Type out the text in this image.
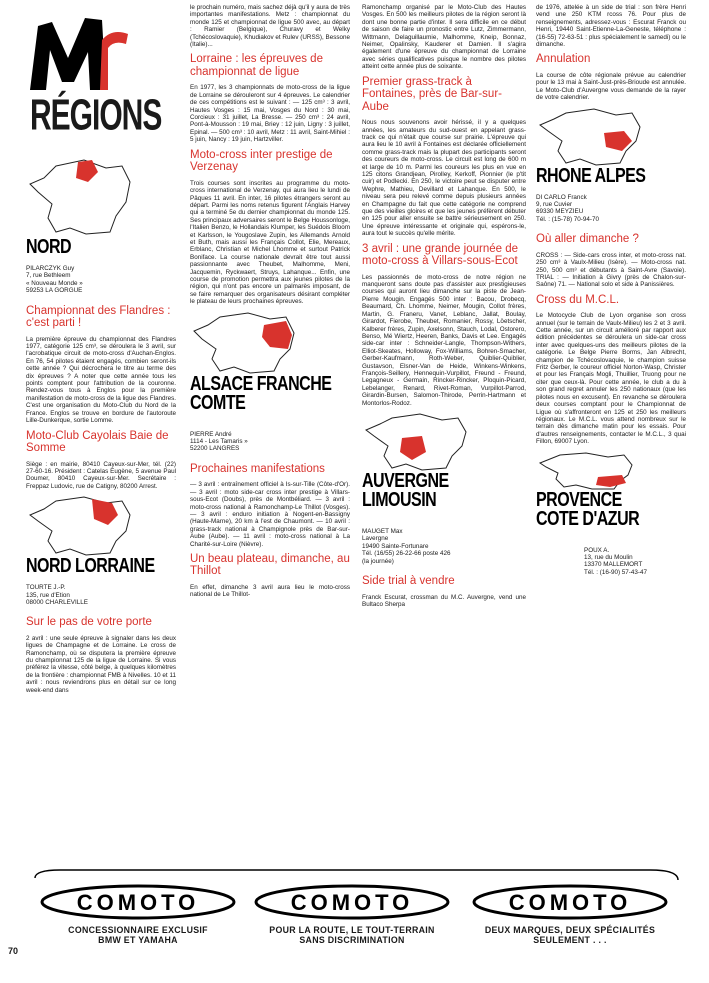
RÉGIONS
NORD
PILARCZYK Guy
7, rue Bethleem
« Nouveau Monde »
59253 LA GORGUE
Championnat des Flandres : c'est parti !

La première épreuve du championnat des Flandres 1977, catégorie 125 cm³, se déroulera le 3 avril, sur l'acrobatique circuit de moto-cross d'Auchan-Englos. En 76, 54 pilotes étaient engagés, combien seront-ils cette année ? Qui décrochera le titre au terme des dix épreuves ? A noter que cette année tous les points comptent pour l'attribution de la couronne. Rendez-vous tous à Englos pour la première manifestation de moto-cross de la ligue des Flandres. C'est une organisation du Moto-Club du Nord de la France. Englos se trouve en bordure de l'autoroute Lille-Dunkerque, sortie Lomme.

Moto-Club Cayolais Baie de Somme

Siège : en mairie, 80410 Cayeux-sur-Mer, tél. (22) 27-60-16. Président : Catelas Eugène, 5 avenue Paul Doumer, 80410 Cayeux-sur-Mer. Secrétaire : Freppaz Ludovic, rue de Catigny, 80200 Arrest.

NORD LORRAINE
TOURTE J.-P.
135, rue d'Etion
08000 CHARLEVILLE
Sur le pas de votre porte

2 avril : une seule épreuve à signaler dans les deux ligues de Champagne et de Lorraine. Le cross de Ramonchamp, où se disputera la première épreuve du championnat 125 de la ligue de Lorraine. Si vous préférez la vitesse, côté belge, à quelques kilomètres de la frontière : championnat FMB à Nivelles. 10 et 11 avril : nous reviendrons plus en détail sur ce long week-end dans

le prochain numéro, mais sachez déjà qu'il y aura de très importantes manifestations. Metz : championnat du monde 125 et championnat de ligue 500 avec, au départ : Ramier (Belgique), Churavy et Welky (Tchécoslovaquie), Khudiakov et Rulev (URSS), Bessone (Italie)...

Lorraine : les épreuves de championnat de ligue

En 1977, les 3 championnats de moto-cross de la ligue de Lorraine se dérouleront sur 4 épreuves. Le calendrier de ces compétitions est le suivant : — 125 cm³ : 3 avril, Hautes Vosges : 15 mai, Vosges du Nord : 30 mai, Corcieux : 31 juillet, La Bresse. — 250 cm³ : 24 avril, Pont-à-Mousson : 19 mai, Briey : 12 juin, Ligny : 3 juillet, Epinal. — 500 cm³ : 10 avril, Metz : 11 avril, Saint-Mihiel : 5 juin, Nancy : 19 juin, Hartzviller.

Moto-cross inter prestige de Verzenay

Trois courses sont inscrites au programme du moto-cross international de Verzenay, qui aura lieu le lundi de Pâques 11 avril. En inter, 16 pilotes étrangers seront au départ. Parmi les noms retenus figurent l'Anglais Harvey qui a terminé 5e du dernier championnat du monde 125. Ses principaux adversaires seront le Belge Houssonloge, l'Italien Benzo, le Hollandais Klumper, les Suédois Bloom et Karlsson, le Yougoslave Zupin, les Allemands Arnold et Buth, mais aussi les Français Collot, Elie, Mereaux, Erblanc, Christian et Michel Lhomme et surtout Patrick Boniface. La course nationale devrait être tout aussi passionnante avec Theubet, Malhomme, Meni, Jacquemin, Ryckwaert, Struys, Lahanque... Enfin, une course de promotion permettra aux jeunes pilotes de la région, qui n'ont pas encore un palmarès imposant, de se faire remarquer des organisateurs désirant compléter le plateau de leurs prochaines épreuves.

ALSACE FRANCHE COMTE
PIERRE André
1114 - Les Tamaris »
52200 LANGRES
Prochaines manifestations

— 3 avril : entraînement officiel à Is-sur-Tille (Côte-d'Or). — 3 avril : moto side-car cross inter prestige à Villars-sous-Ecot (Doubs), près de Montbéliard. — 3 avril : moto-cross national à Ramonchamp-Le Thillot (Vosges). — 3 avril : enduro initiation à Nogent-en-Bassigny (Haute-Marne), 20 km à l'est de Chaumont. — 10 avril : grass-track national à Champignole près de Bar-sur-Aube (Aube). — 11 avril : moto-cross national à La Charité-sur-Loire (Nièvre).

Un beau plateau, dimanche, au Thillot

En effet, dimanche 3 avril aura lieu le moto-cross national de Le Thillot-

Ramonchamp organisé par le Moto-Club des Hautes Vosges. En 500 les meilleurs pilotes de la région seront là dont une bonne partie d'inter. Il sera difficile en ce début de saison de faire un pronostic entre Lutz, Zimmermann, Wittmann, Delaguillaumie, Malhomme, Kneip, Bonnaz, Neimer, Opalinsky, Kauderer et Damien. Il s'agira également d'une épreuve du championnat de Lorraine avec séries qualificatives puisque le nombre des pilotes atteint cette année plus de soixante.

Premier grass-track à Fontaines, près de Bar-sur-Aube

Nous nous souvenons avoir hérissé, il y a quelques années, les amateurs du sud-ouest en appelant grass-track ce qui n'était que course sur prairie. L'épreuve qui aura lieu le 10 avril à Fontaines est déclarée officiellement comme grass-track mais la plupart des participants seront des coureurs de moto-cross. Le circuit est long de 600 m et large de 10 m. Parmi les coureurs les plus en vue en 125 citons Grandjean, Pirolley, Kerkoff, Pionnier (le p'tit cuir) et Podlecki. En 250, le victoire peut se disputer entre Wephre, Mathieu, Devillard et Lahanque. En 500, le niveau sera peu relevé comme depuis plusieurs années en Champagne du fait que cette catégorie ne comprend que des vieilles gloires et que les jeunes préfèrent débuter en 125 pour aller ensuite se battre sérieusement en 250. Une épreuve intéressante et originale qui, espérons-le, aura tout le succès qu'elle mérite.

3 avril : une grande journée de moto-cross à Villars-sous-Ecot

Les passionnés de moto-cross de notre région ne manqueront sans doute pas d'assister aux prestigieuses courses qui auront lieu dimanche sur la piste de Jean-Pierre Mougin. Engagés 500 inter : Bacou, Drobecq, Beaumard, Ch. Lhomme, Neimer, Mougin, Collot frères, Martin, G. Franeru, Vanet, Leblanc, Jallat, Boulay, Girardot, Fierobe, Theubet, Romanier, Rossy, Löetscher, Kalberer frères, Zupin, Axelsonn, Stauch, Lodal, Ostorero, Benso, Mé Wiertz, Heeren, Banks, Davis et Lee. Engagés side-car inter : Schneider-Langle, Thompson-Withers, Elliot-Skeates, Holloway, Fox-Williams, Bohren-Smacher, Gerber-Kaufmann, Roth-Weber, Quiblier-Quiblier, Gustavson, Elsner-Van de Heide, Winkens-Winkens, François-Seillery, Hennequin-Vurpillot, Freund - Freund, Legagneux - Germain, Rincker-Rincker, Ploquin-Picard, Lebelanger, Renard, Rivet-Roman, Vurpillot-Parrod, Girardin-Bursen, Salomon-Thirode, Perrin-Hartmann et Montorlos-Rodoz.

AUVERGNE LIMOUSIN
MAUGET Max
Lavergne
19490 Sainte-Fortunare
Tél. (16/55) 26-22-66 poste 426
(la journée)
Side trial à vendre

Franck Escurat, crossman du M.C. Auvergne, vend une Bultaco Sherpa

de 1976, attelée à un side de trial : son frère Henri vend une 250 KTM rcoss 76. Pour plus de renseignements, adressez-vous : Escurat Franck ou Henri, 19440 Saint-Etienne-La-Geneste, téléphone : (16-55) 72-63-51 : plus spécialement le samedi) ou le dimanche.

Annulation

La course de côte régionale prévue au calendrier pour le 13 mai à Saint-Just-près-Brioude est annulée. Le Moto-Club d'Auvergne vous demande de la rayer de votre calendrier.

RHONE ALPES
DI CARLO Franck
9, rue Cuvier
69330 MEYZIEU
Tél. : (15-78) 70-94-70
Où aller dimanche ?

CROSS : — Side-cars cross inter, et moto-cross nat. 250 cm³ à Vaulx-Milieu (Isère). — Moto-cross nat. 250, 500 cm³ et débutants à Saint-Avre (Savoie). TRIAL : — Initiation à Givry (près de Chalon-sur-Saône) 71. — National solo et side à Panissières.

Cross du M.C.L.

Le Motocycle Club de Lyon organise son cross annuel (sur le terrain de Vaulx-Milieu) les 2 et 3 avril. Cette année, sur un circuit amélioré par rapport aux édition précédentes se déroulera un side-car cross inter avec quelques-uns des meilleurs pilotes de la catégorie. Le Belge Pierre Borms, Jan Albrecht, champion de Tchécoslovaquie, le champion suisse Fritz Gerber, le coureur officiel Norton-Wasp, Christer et pour les Français Mogli, Thuillier, Truong pour ne citer que ceux-là. Pour cette année, le club a du à son grand regret annuler les 250 nationaux (que les pilotes nous en excusent). En revanche se déroulera deux courses comptant pour le Championnat de Ligue où s'affronteront en 125 et 250 les meilleurs régionaux. Le M.C.L. vous attend nombreux sur le terrain dès dimanche matin pour les essais. Pour d'autres renseignements, contacter le M.C.L., 3 quai Fillon, 69007 Lyon.

PROVENCE COTE D'AZUR
POUX A.
13, rue du Moulin
13370 MALLEMORT
Tél. : (16-90) 57-43-47
COMOTO	COMOTO	COMOTO
CONCESSIONNAIRE EXCLUSIF
BMW ET YAMAHA
POUR LA ROUTE, LE TOUT-TERRAIN
SANS DISCRIMINATION
DEUX MARQUES, DEUX SPÉCIALITÉS
SEULEMENT . . .
70
